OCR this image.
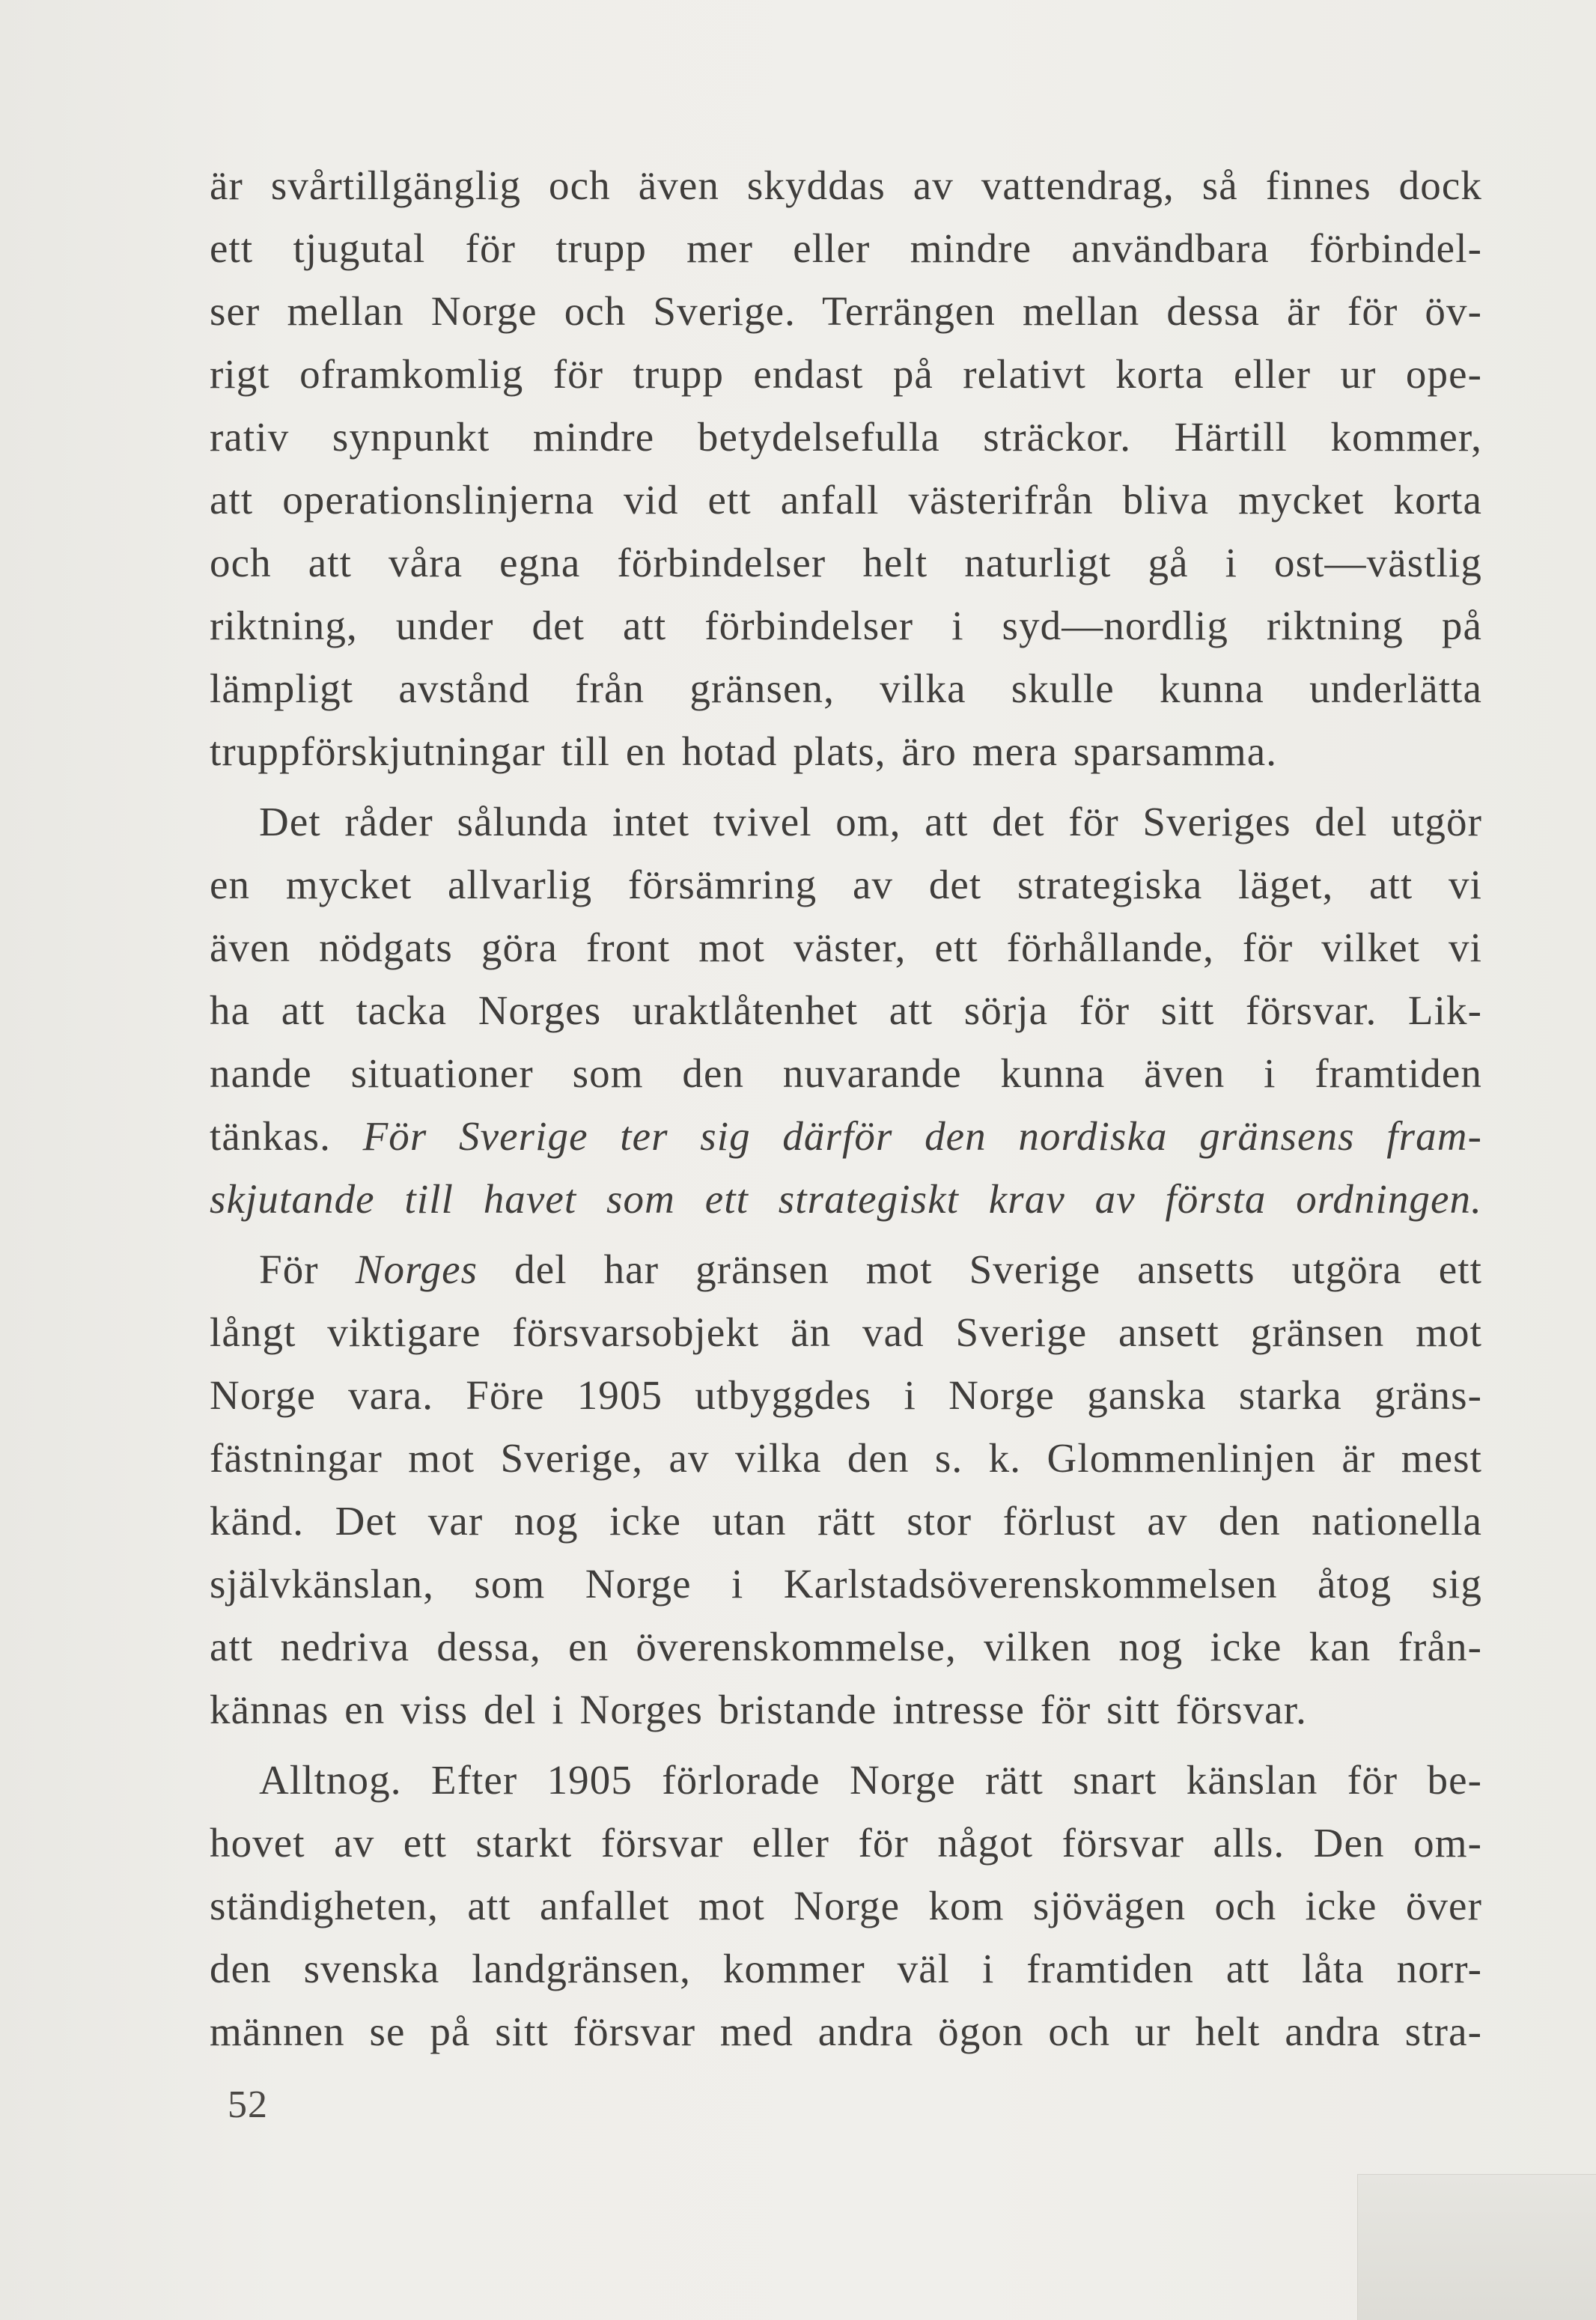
är svårtillgänglig och även skyddas av vattendrag, så finnes dock
ett tjugutal för trupp mer eller mindre användbara förbindel-
ser mellan Norge och Sverige. Terrängen mellan dessa är för öv-
rigt oframkomlig för trupp endast på relativt korta eller ur ope-
rativ synpunkt mindre betydelsefulla sträckor. Härtill kommer,
att operationslinjerna vid ett anfall västerifrån bliva mycket korta
och att våra egna förbindelser helt naturligt gå i ost—västlig
riktning, under det att förbindelser i syd—nordlig riktning på
lämpligt avstånd från gränsen, vilka skulle kunna underlätta
truppförskjutningar till en hotad plats, äro mera sparsamma.
Det råder sålunda intet tvivel om, att det för Sveriges del utgör
en mycket allvarlig försämring av det strategiska läget, att vi
även nödgats göra front mot väster, ett förhållande, för vilket vi
ha att tacka Norges uraktlåtenhet att sörja för sitt försvar. Lik-
nande situationer som den nuvarande kunna även i framtiden
tänkas. För Sverige ter sig därför den nordiska gränsens fram-
skjutande till havet som ett strategiskt krav av första ordningen.
För Norges del har gränsen mot Sverige ansetts utgöra ett
långt viktigare försvarsobjekt än vad Sverige ansett gränsen mot
Norge vara. Före 1905 utbyggdes i Norge ganska starka gräns-
fästningar mot Sverige, av vilka den s. k. Glommenlinjen är mest
känd. Det var nog icke utan rätt stor förlust av den nationella
självkänslan, som Norge i Karlstadsöverenskommelsen åtog sig
att nedriva dessa, en överenskommelse, vilken nog icke kan från-
kännas en viss del i Norges bristande intresse för sitt försvar.
Alltnog. Efter 1905 förlorade Norge rätt snart känslan för be-
hovet av ett starkt försvar eller för något försvar alls. Den om-
ständigheten, att anfallet mot Norge kom sjövägen och icke över
den svenska landgränsen, kommer väl i framtiden att låta norr-
männen se på sitt försvar med andra ögon och ur helt andra stra-
52
